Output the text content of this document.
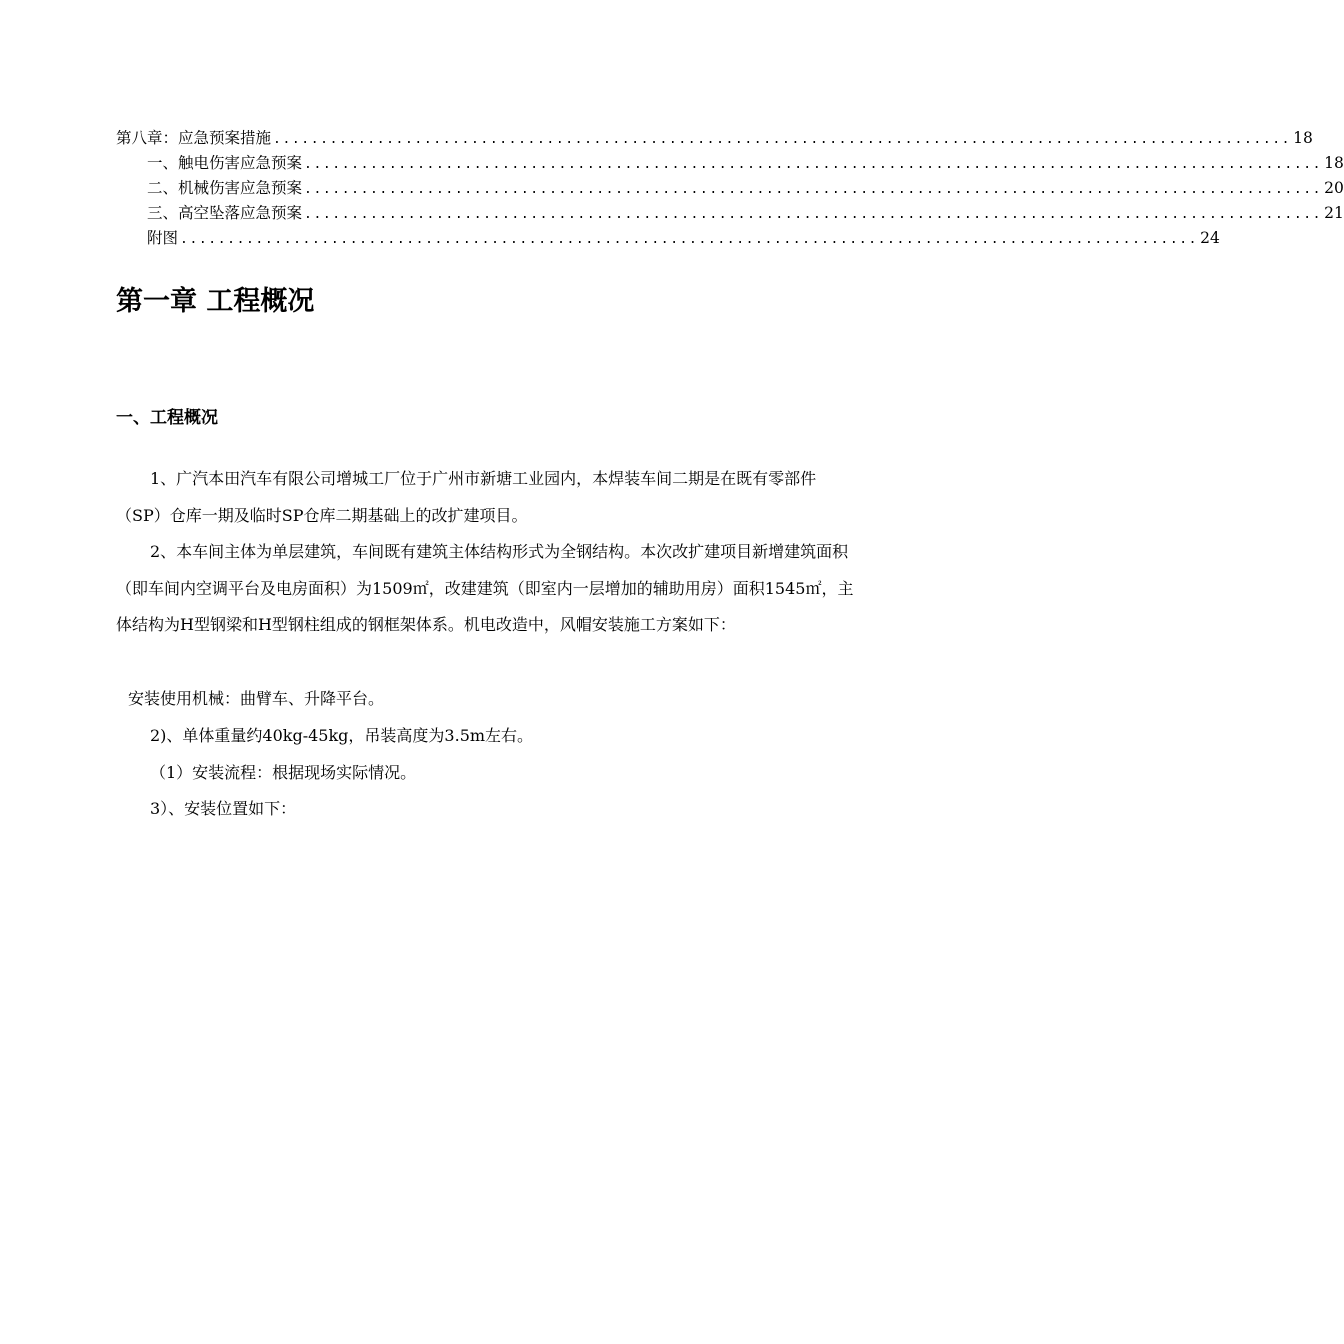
第八章：应急预案措施 ............................................................................................................ 18
一、触电伤害应急预案 ............................................................................................................ 18
二、机械伤害应急预案 ............................................................................................................ 20
三、高空坠落应急预案 ............................................................................................................ 21
附图 ............................................................................................................ 24
第一章 工程概况
一、工程概况

1、广汽本田汽车有限公司增城工厂位于广州市新塘工业园内，本焊装车间二期是在既有零部件（SP）仓库一期及临时SP仓库二期基础上的改扩建项目。

2、本车间主体为单层建筑，车间既有建筑主体结构形式为全钢结构。本次改扩建项目新增建筑面积（即车间内空调平台及电房面积）为1509㎡，改建建筑（即室内一层增加的辅助用房）面积1545㎡，主体结构为H型钢梁和H型钢柱组成的钢框架体系。机电改造中，风帽安装施工方案如下：

安装使用机械：曲臂车、升降平台。

2)、单体重量约40kg-45kg，吊装高度为3.5m左右。

（1）安装流程：根据现场实际情况。

3）、安装位置如下：
